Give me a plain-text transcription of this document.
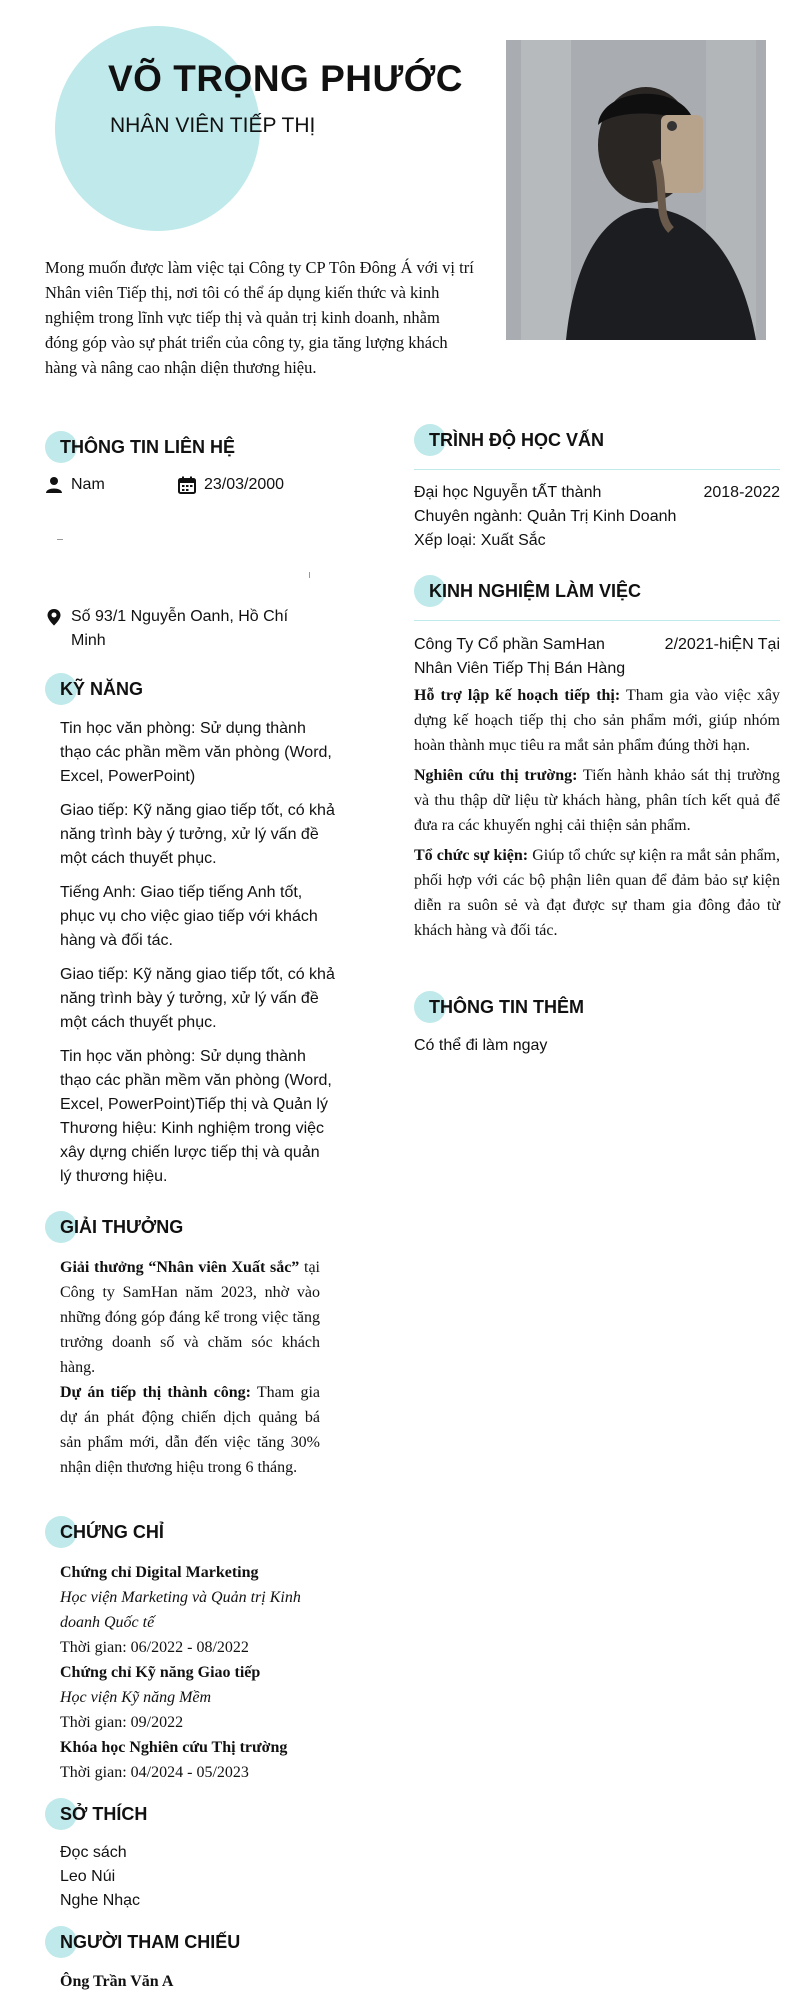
VÕ TRỌNG PHƯỚC
NHÂN VIÊN TIẾP THỊ
Mong muốn được làm việc tại Công ty CP Tôn Đông Á với vị trí Nhân viên Tiếp thị, nơi tôi có thể áp dụng kiến thức và kinh nghiệm trong lĩnh vực tiếp thị và quản trị kinh doanh, nhằm đóng góp vào sự phát triển của công ty, gia tăng lượng khách hàng và nâng cao nhận diện thương hiệu.
THÔNG TIN LIÊN HỆ
Nam	23/03/2000
Số 93/1 Nguyễn Oanh, Hồ Chí Minh
KỸ NĂNG
Tin học văn phòng: Sử dụng thành thạo các phần mềm văn phòng (Word, Excel, PowerPoint)
Giao tiếp: Kỹ năng giao tiếp tốt, có khả năng trình bày ý tưởng, xử lý vấn đề một cách thuyết phục.
Tiếng Anh: Giao tiếp tiếng Anh tốt, phục vụ cho việc giao tiếp với khách hàng và đối tác.
Giao tiếp: Kỹ năng giao tiếp tốt, có khả năng trình bày ý tưởng, xử lý vấn đề một cách thuyết phục.
Tin học văn phòng: Sử dụng thành thạo các phần mềm văn phòng (Word, Excel, PowerPoint)Tiếp thị và Quản lý Thương hiệu: Kinh nghiệm trong việc xây dựng chiến lược tiếp thị và quản lý thương hiệu.
GIẢI THƯỞNG
Giải thưởng “Nhân viên Xuất sắc” tại Công ty SamHan năm 2023, nhờ vào những đóng góp đáng kể trong việc tăng trưởng doanh số và chăm sóc khách hàng.
Dự án tiếp thị thành công: Tham gia dự án phát động chiến dịch quảng bá sản phẩm mới, dẫn đến việc tăng 30% nhận diện thương hiệu trong 6 tháng.
CHỨNG CHỈ
Chứng chỉ Digital Marketing
Học viện Marketing và Quản trị Kinh doanh Quốc tế
Thời gian: 06/2022 - 08/2022
Chứng chỉ Kỹ năng Giao tiếp
Học viện Kỹ năng Mềm
Thời gian: 09/2022
Khóa học Nghiên cứu Thị trường
Thời gian: 04/2024 - 05/2023
SỞ THÍCH
Đọc sách
Leo Núi
Nghe Nhạc
NGƯỜI THAM CHIẾU
Ông Trần Văn A
TRÌNH ĐỘ HỌC VẤN
Đại học Nguyễn tẤT thành	2018-2022
Chuyên ngành: Quản Trị Kinh Doanh
Xếp loại: Xuất Sắc
KINH NGHIỆM LÀM VIỆC
Công Ty Cổ phần SamHan	2/2021-hiỆN Tại
Nhân Viên Tiếp Thị Bán Hàng
Hỗ trợ lập kế hoạch tiếp thị: Tham gia vào việc xây dựng kế hoạch tiếp thị cho sản phẩm mới, giúp nhóm hoàn thành mục tiêu ra mắt sản phẩm đúng thời hạn.
Nghiên cứu thị trường: Tiến hành khảo sát thị trường và thu thập dữ liệu từ khách hàng, phân tích kết quả để đưa ra các khuyến nghị cải thiện sản phẩm.
Tổ chức sự kiện: Giúp tổ chức sự kiện ra mắt sản phẩm, phối hợp với các bộ phận liên quan để đảm bảo sự kiện diễn ra suôn sẻ và đạt được sự tham gia đông đảo từ khách hàng và đối tác.
THÔNG TIN THÊM
Có thể đi làm ngay
